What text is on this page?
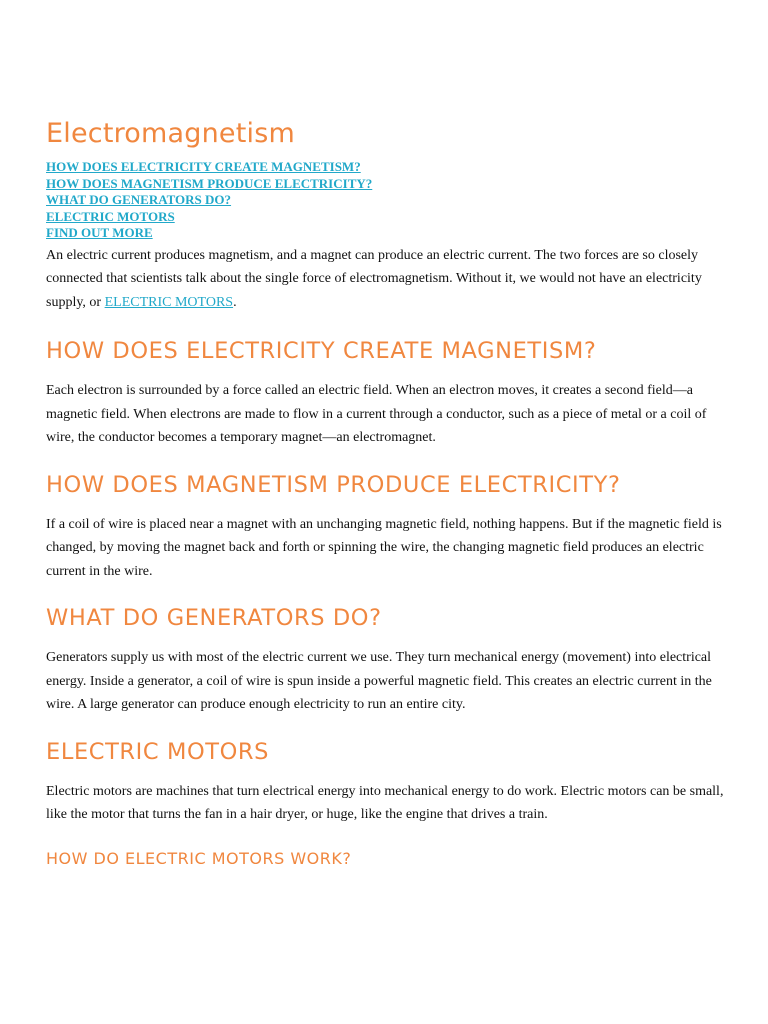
Electromagnetism
HOW DOES ELECTRICITY CREATE MAGNETISM?
HOW DOES MAGNETISM PRODUCE ELECTRICITY?
WHAT DO GENERATORS DO?
ELECTRIC MOTORS
FIND OUT MORE

An electric current produces magnetism, and a magnet can produce an electric current. The two forces are so closely connected that scientists talk about the single force of electromagnetism. Without it, we would not have an electricity supply, or ELECTRIC MOTORS.

HOW DOES ELECTRICITY CREATE MAGNETISM?

Each electron is surrounded by a force called an electric field. When an electron moves, it creates a second field—a magnetic field. When electrons are made to flow in a current through a conductor, such as a piece of metal or a coil of wire, the conductor becomes a temporary magnet—an electromagnet.

HOW DOES MAGNETISM PRODUCE ELECTRICITY?

If a coil of wire is placed near a magnet with an unchanging magnetic field, nothing happens. But if the magnetic field is changed, by moving the magnet back and forth or spinning the wire, the changing magnetic field produces an electric current in the wire.

WHAT DO GENERATORS DO?

Generators supply us with most of the electric current we use. They turn mechanical energy (movement) into electrical energy. Inside a generator, a coil of wire is spun inside a powerful magnetic field. This creates an electric current in the wire. A large generator can produce enough electricity to run an entire city.

ELECTRIC MOTORS

Electric motors are machines that turn electrical energy into mechanical energy to do work. Electric motors can be small, like the motor that turns the fan in a hair dryer, or huge, like the engine that drives a train.

HOW DO ELECTRIC MOTORS WORK?
